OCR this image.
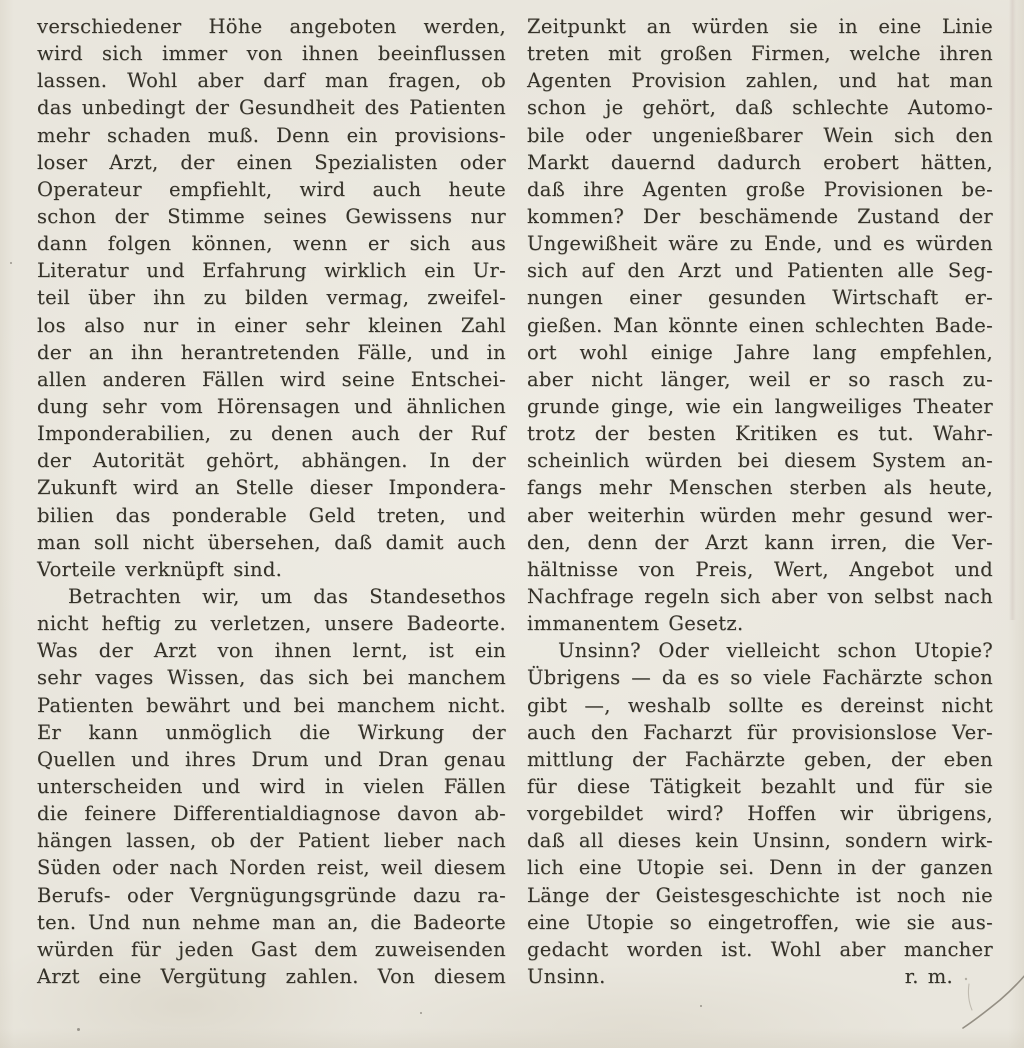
verschiedener Höhe angeboten werden,
wird sich immer von ihnen beeinflussen
lassen. Wohl aber darf man fragen, ob
das unbedingt der Gesundheit des Patienten
mehr schaden muß. Denn ein provisions-
loser Arzt, der einen Spezialisten oder
Operateur empfiehlt, wird auch heute
schon der Stimme seines Gewissens nur
dann folgen können, wenn er sich aus
Literatur und Erfahrung wirklich ein Ur-
teil über ihn zu bilden vermag, zweifel-
los also nur in einer sehr kleinen Zahl
der an ihn herantretenden Fälle, und in
allen anderen Fällen wird seine Entschei-
dung sehr vom Hörensagen und ähnlichen
Imponderabilien, zu denen auch der Ruf
der Autorität gehört, abhängen. In der
Zukunft wird an Stelle dieser Impondera-
bilien das ponderable Geld treten, und
man soll nicht übersehen, daß damit auch
Vorteile verknüpft sind.
Betrachten wir, um das Standesethos
nicht heftig zu verletzen, unsere Badeorte.
Was der Arzt von ihnen lernt, ist ein
sehr vages Wissen, das sich bei manchem
Patienten bewährt und bei manchem nicht.
Er kann unmöglich die Wirkung der
Quellen und ihres Drum und Dran genau
unterscheiden und wird in vielen Fällen
die feinere Differentialdiagnose davon ab-
hängen lassen, ob der Patient lieber nach
Süden oder nach Norden reist, weil diesem
Berufs- oder Vergnügungsgründe dazu ra-
ten. Und nun nehme man an, die Badeorte
würden für jeden Gast dem zuweisenden
Arzt eine Vergütung zahlen. Von diesem
Zeitpunkt an würden sie in eine Linie
treten mit großen Firmen, welche ihren
Agenten Provision zahlen, und hat man
schon je gehört, daß schlechte Automo-
bile oder ungenießbarer Wein sich den
Markt dauernd dadurch erobert hätten,
daß ihre Agenten große Provisionen be-
kommen? Der beschämende Zustand der
Ungewißheit wäre zu Ende, und es würden
sich auf den Arzt und Patienten alle Seg-
nungen einer gesunden Wirtschaft er-
gießen. Man könnte einen schlechten Bade-
ort wohl einige Jahre lang empfehlen,
aber nicht länger, weil er so rasch zu-
grunde ginge, wie ein langweiliges Theater
trotz der besten Kritiken es tut. Wahr-
scheinlich würden bei diesem System an-
fangs mehr Menschen sterben als heute,
aber weiterhin würden mehr gesund wer-
den, denn der Arzt kann irren, die Ver-
hältnisse von Preis, Wert, Angebot und
Nachfrage regeln sich aber von selbst nach
immanentem Gesetz.
Unsinn? Oder vielleicht schon Utopie?
Übrigens — da es so viele Fachärzte schon
gibt —, weshalb sollte es dereinst nicht
auch den Facharzt für provisionslose Ver-
mittlung der Fachärzte geben, der eben
für diese Tätigkeit bezahlt und für sie
vorgebildet wird? Hoffen wir übrigens,
daß all dieses kein Unsinn, sondern wirk-
lich eine Utopie sei. Denn in der ganzen
Länge der Geistesgeschichte ist noch nie
eine Utopie so eingetroffen, wie sie aus-
gedacht worden ist. Wohl aber mancher
Unsinn.	r. m.
